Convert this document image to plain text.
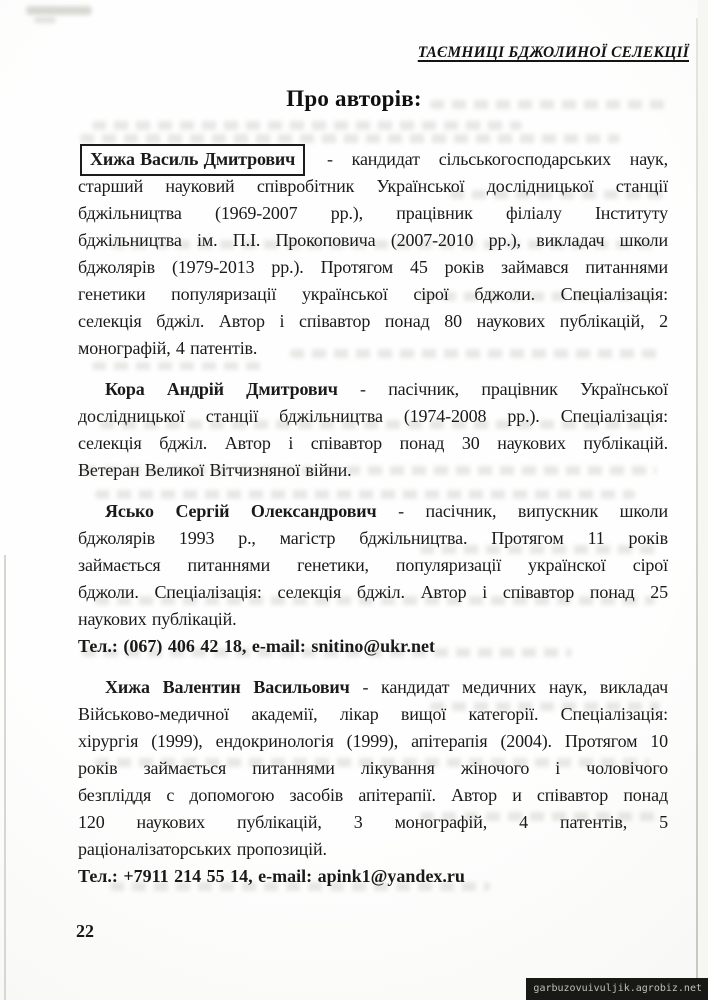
ТАЄМНИЦІ БДЖОЛИНОЇ СЕЛЕКЦІЇ
Про авторів:
Хижа Василь Дмитрович - кандидат сільськогосподарських наук,
старший науковий співробітник Української дослідницької станції
бджільництва (1969-2007 рр.), працівник філіалу Інституту
бджільництва ім. П.І. Прокоповича (2007-2010 рр.), викладач школи
бджолярів (1979-2013 рр.). Протягом 45 років займався питаннями
генетики популяризації української сірої бджоли. Спеціалізація:
селекція бджіл. Автор і співавтор понад 80 наукових публікацій, 2
монографій, 4 патентів.
Кора Андрій Дмитрович - пасічник, працівник Української
дослідницької станції бджільництва (1974-2008 рр.). Спеціалізація:
селекція бджіл. Автор і співавтор понад 30 наукових публікацій.
Ветеран Великої Вітчизняної війни.
Ясько Сергій Олександрович - пасічник, випускник школи
бджолярів 1993 р., магістр бджільництва. Протягом 11 років
займається питаннями генетики, популяризації українскої сірої
бджоли. Спеціалізація: селекція бджіл. Автор і співавтор понад 25
наукових публікацій.
Тел.: (067) 406 42 18, e-mail: snitino@ukr.net
Хижа Валентин Васильович - кандидат медичних наук, викладач
Військово-медичної академії, лікар вищої категорії. Спеціалізація:
хірургія (1999), ендокринологія (1999), апітерапія (2004). Протягом 10
років займається питаннями лікування жіночого і чоловічого
безпліддя с допомогою засобів апітерапії. Автор и співавтор понад
120 наукових публікацій, 3 монографій, 4 патентів, 5
раціоналізаторських пропозицій.
Тел.: +7911 214 55 14, e-mail: apink1@yandex.ru
22
garbuzovuivuljik.agrobiz.net
